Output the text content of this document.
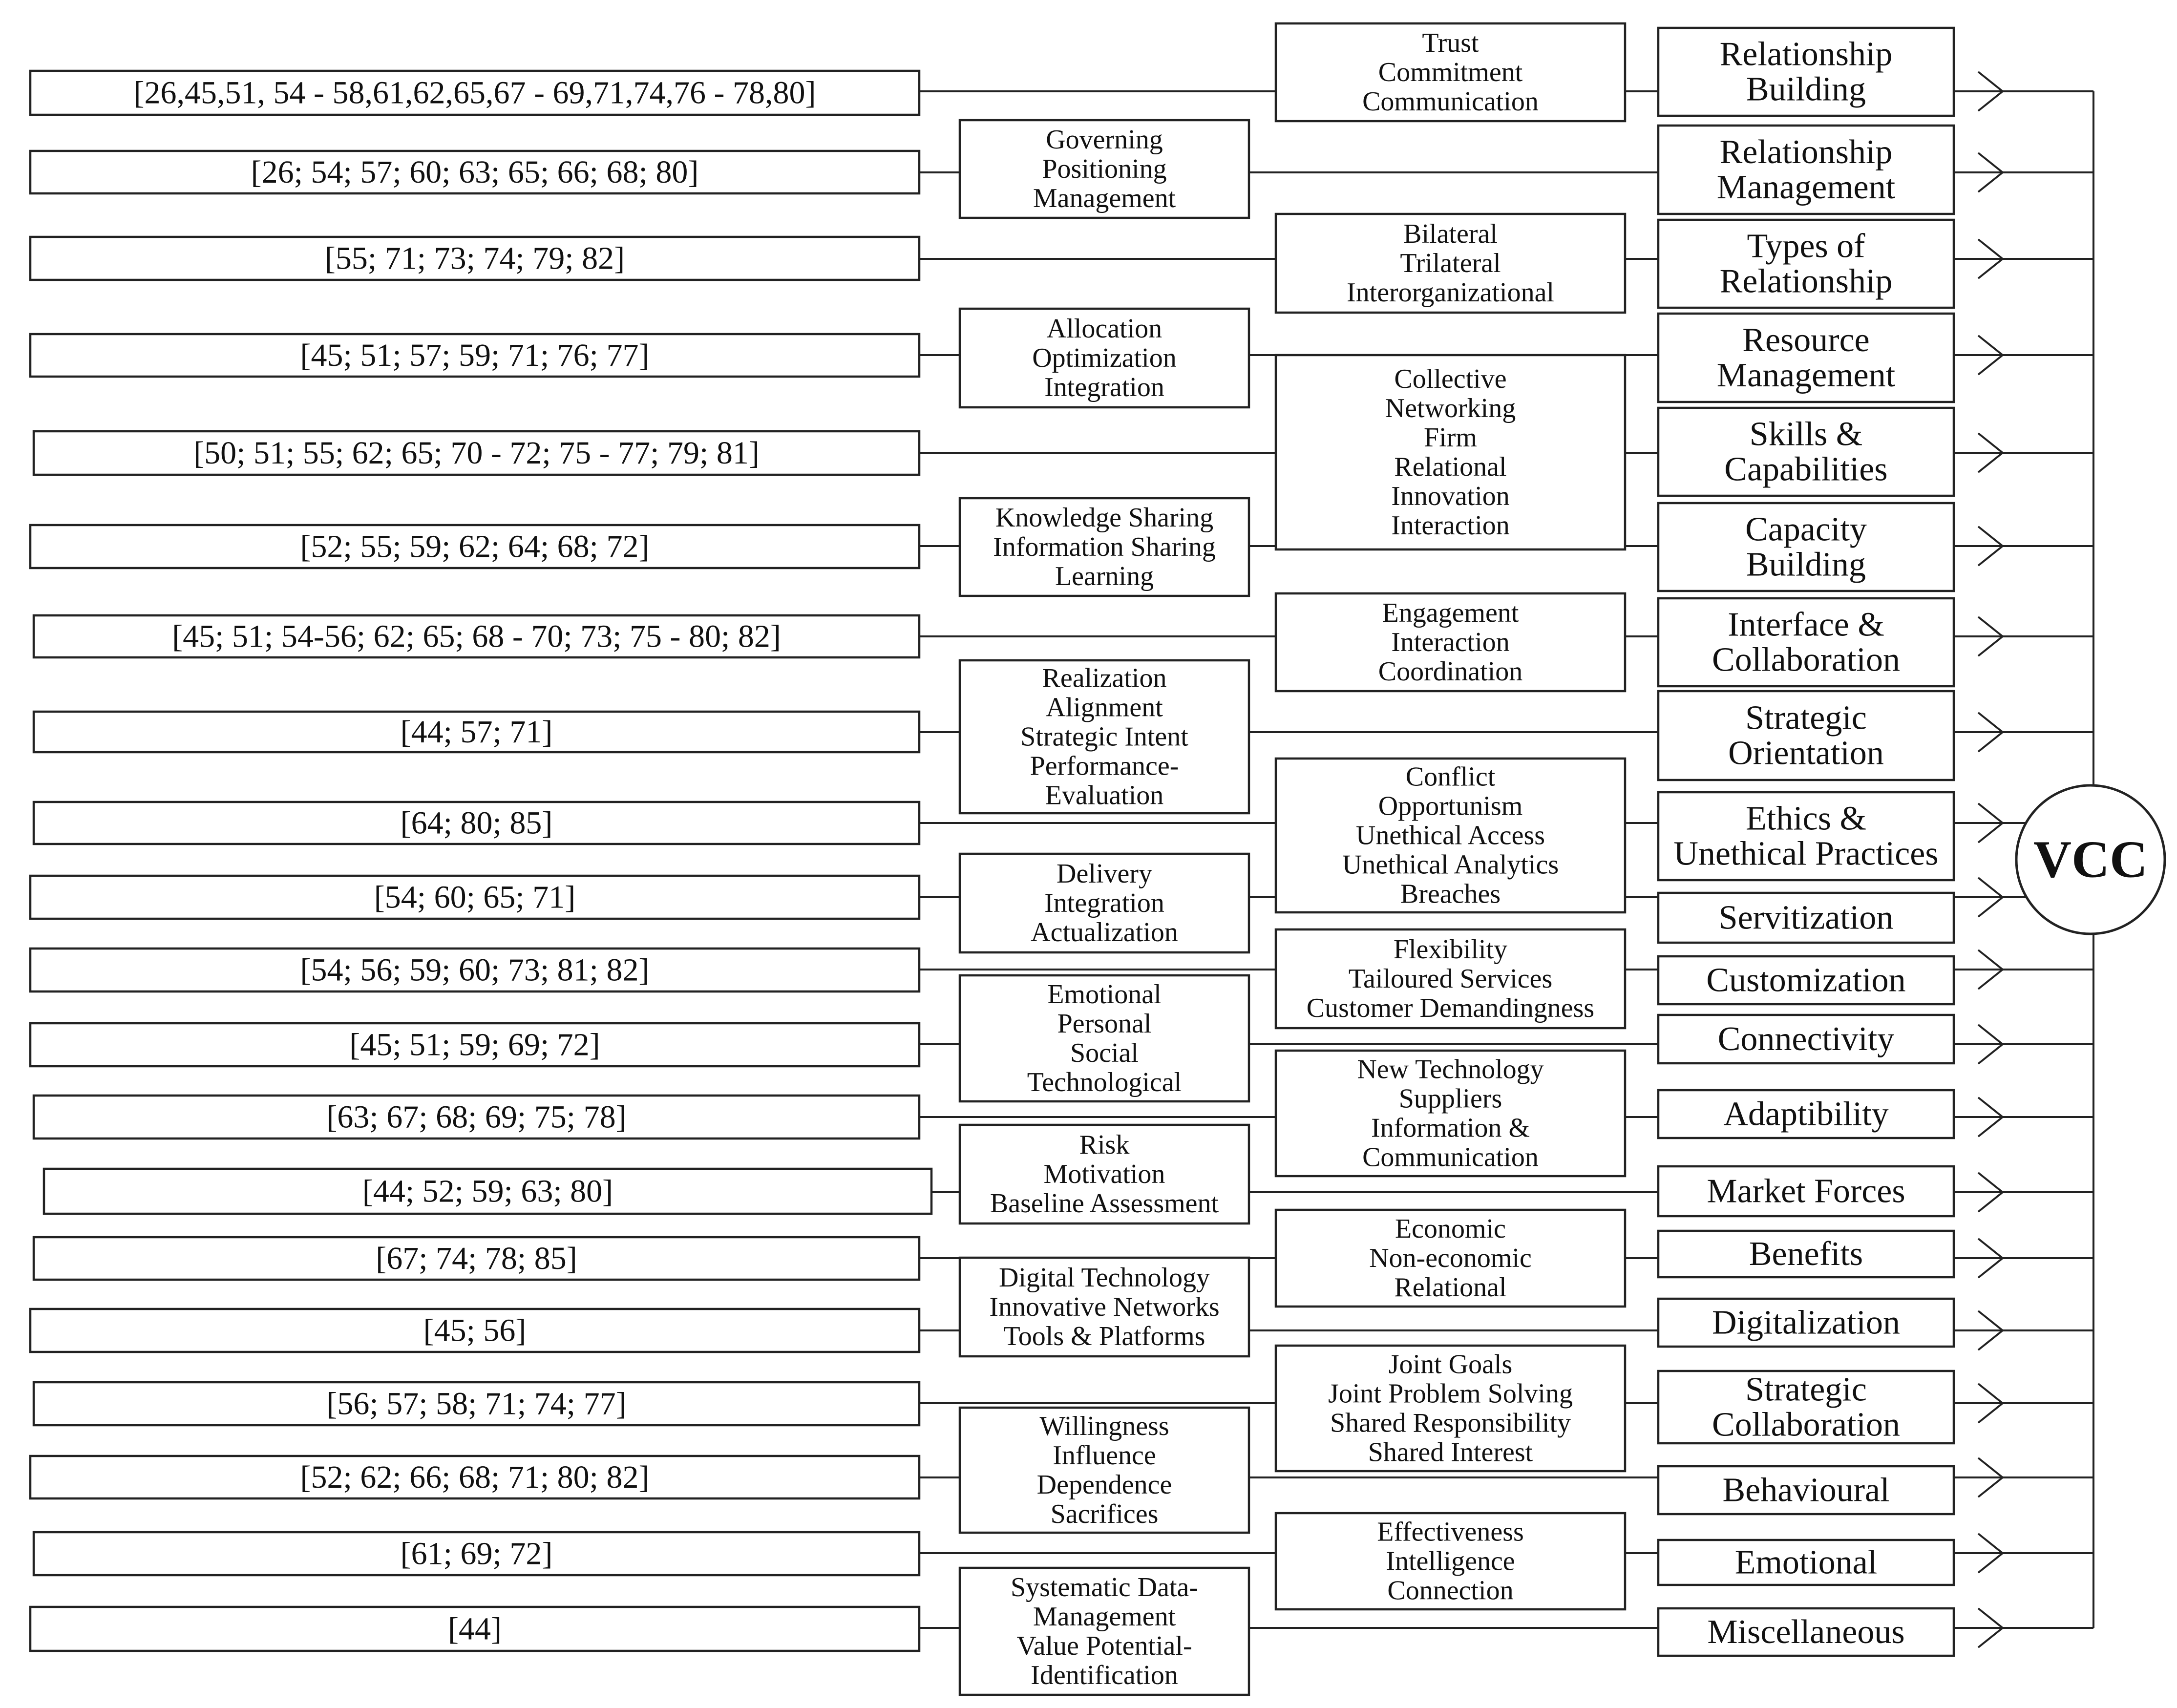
[26,45,51, 54 - 58,61,62,65,67 - 69,71,74,76 - 78,80]
Trust Commitment Communication
Relationship Building
[26; 54; 57; 60; 63; 65; 66; 68; 80]
Governing Positioning Management
Relationship Management
[55; 71; 73; 74; 79; 82]
Bilateral Trilateral Interorganizational
Types of Relationship
[45; 51; 57; 59; 71; 76; 77]
Allocation Optimization Integration
Resource Management
[50; 51; 55; 62; 65; 70 - 72; 75 - 77; 79; 81]
Collective Networking Firm Relational Innovation Interaction
Skills & Capabilities
[52; 55; 59; 62; 64; 68; 72]
Knowledge Sharing Information Sharing Learning
Capacity Building
[45; 51; 54-56; 62; 65; 68 - 70; 73; 75 - 80; 82]
Engagement Interaction Coordination
Interface & Collaboration
[44; 57; 71]
Realization Alignment Strategic Intent Performance-Evaluation
Strategic Orientation
[64; 80; 85]
Conflict Opportunism Unethical Access Unethical Analytics Breaches
Ethics & Unethical Practices
[54; 60; 65; 71]
Delivery Integration Actualization	Servitization
[54; 56; 59; 60; 73; 81; 82]
Flexibility Tailoured Services Customer Demandingness
Customization
[45; 51; 59; 69; 72]
Emotional Personal Social Technological
Connectivity
[63; 67; 68; 69; 75; 78]
New Technology Suppliers Information & Communication
Adaptibility
[44; 52; 59; 63; 80]
Risk Motivation Baseline Assessment	Market Forces
[67; 74; 78; 85]
Economic Non-economic Relational
Benefits
[45; 56]
Digital Technology Innovative Networks Tools & Platforms	Digitalization
[56; 57; 58; 71; 74; 77]
Joint Goals Joint Problem Solving Shared Responsibility Shared Interest
Strategic Collaboration
[52; 62; 66; 68; 71; 80; 82]
Willingness Influence Dependence Sacrifices
Behavioural
[61; 69; 72]
Effectiveness Intelligence Connection
Emotional
[44]
Systematic Data-Management Value Potential-Identification
Miscellaneous
VCC
